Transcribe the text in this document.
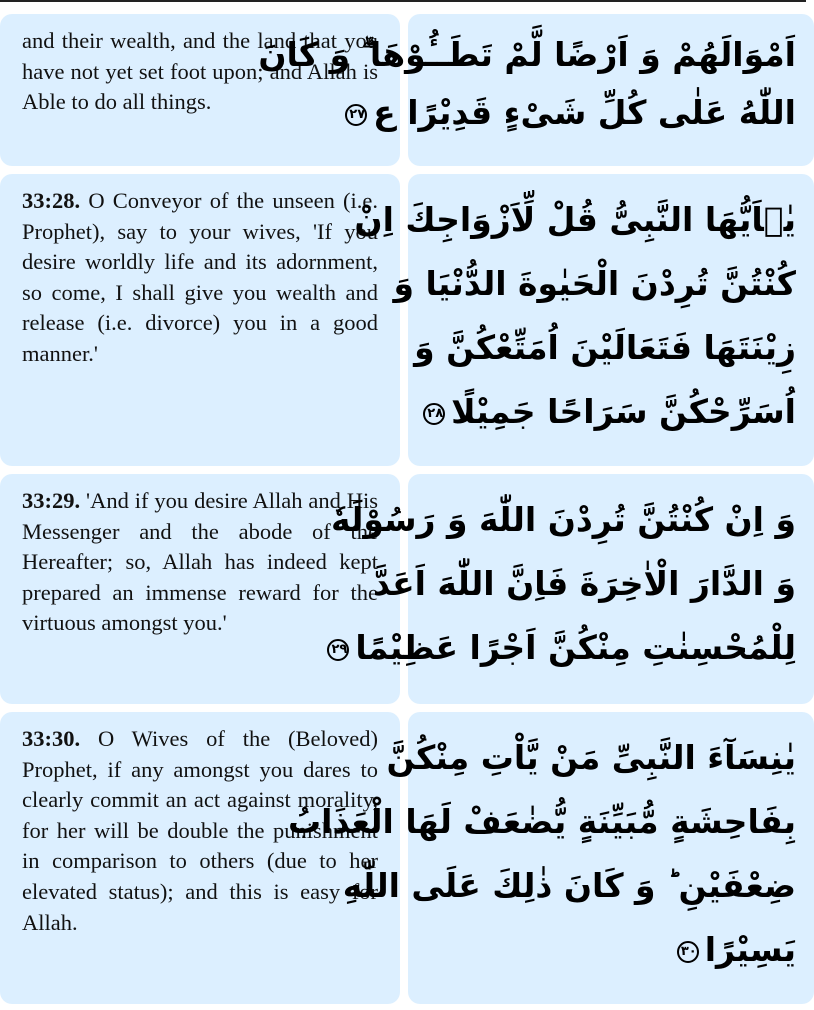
and their wealth, and the land that you have not yet set foot upon; and Allah is Able to do all things.
اَمْوَالَهُمْ وَ اَرْضًا لَّمْ تَطَــُٔوْهَا ۗ وَ كَانَ
اللّٰهُ عَلٰی كُلِّ شَیْءٍ قَدِیْرًا ع٢٧
33:28. O Conveyor of the unseen (i.e. Prophet), say to your wives, 'If you desire worldly life and its adornment, so come, I shall give you wealth and release (i.e. divorce) you in a good manner.'
یٰۤاَیُّهَا النَّبِیُّ قُلْ لِّاَزْوَاجِكَ اِنْ
كُنْتُنَّ تُرِدْنَ الْحَیٰوةَ الدُّنْیَا وَ
زِیْنَتَهَا فَتَعَالَیْنَ اُمَتِّعْكُنَّ وَ
اُسَرِّحْكُنَّ سَرَاحًا جَمِیْلًا٢٨
33:29. 'And if you desire Allah and His Messenger and the abode of the Hereafter; so, Allah has indeed kept prepared an immense reward for the virtuous amongst you.'
وَ اِنْ كُنْتُنَّ تُرِدْنَ اللّٰهَ وَ رَسُوْلَهٗ
وَ الدَّارَ الْاٰخِرَةَ فَاِنَّ اللّٰهَ اَعَدَّ
لِلْمُحْسِنٰتِ مِنْكُنَّ اَجْرًا عَظِیْمًا٢٩
33:30. O Wives of the (Beloved) Prophet, if any amongst you dares to clearly commit an act against morality, for her will be double the punishment in comparison to others (due to her elevated status); and this is easy for Allah.
یٰنِسَآءَ النَّبِیِّ مَنْ یَّاْتِ مِنْكُنَّ
بِفَاحِشَةٍ مُّبَیِّنَةٍ یُّضٰعَفْ لَهَا الْعَذَابُ
ضِعْفَیْنِ ؕ وَ كَانَ ذٰلِكَ عَلَی اللّٰهِ
یَسِیْرًا٣٠
